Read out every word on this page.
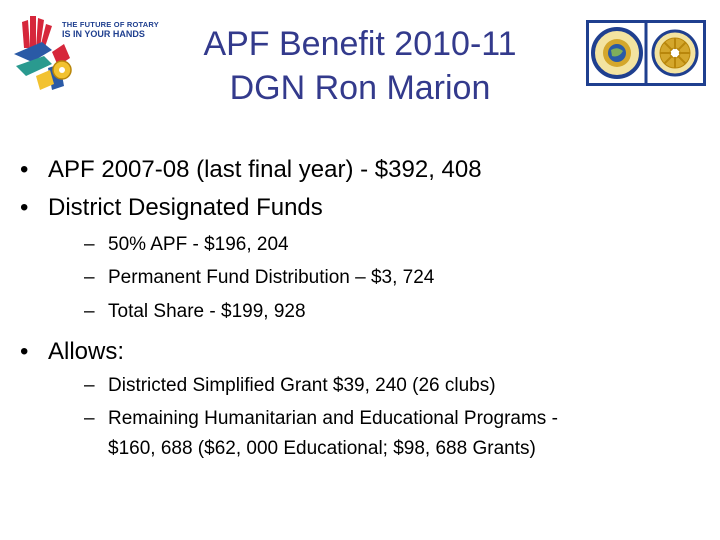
THE FUTURE OF ROTARY
IS IN YOUR HANDS	APF Benefit 2010-11
DGN Ron Marion
• APF 2007-08 (last final year) - $392, 408
• District Designated Funds
– 50% APF - $196, 204
– Permanent Fund Distribution – $3, 724
– Total Share - $199, 928
• Allows:
– Districted Simplified Grant $39, 240 (26 clubs)
– Remaining Humanitarian and Educational Programs -
$160, 688 ($62, 000 Educational; $98, 688 Grants)
